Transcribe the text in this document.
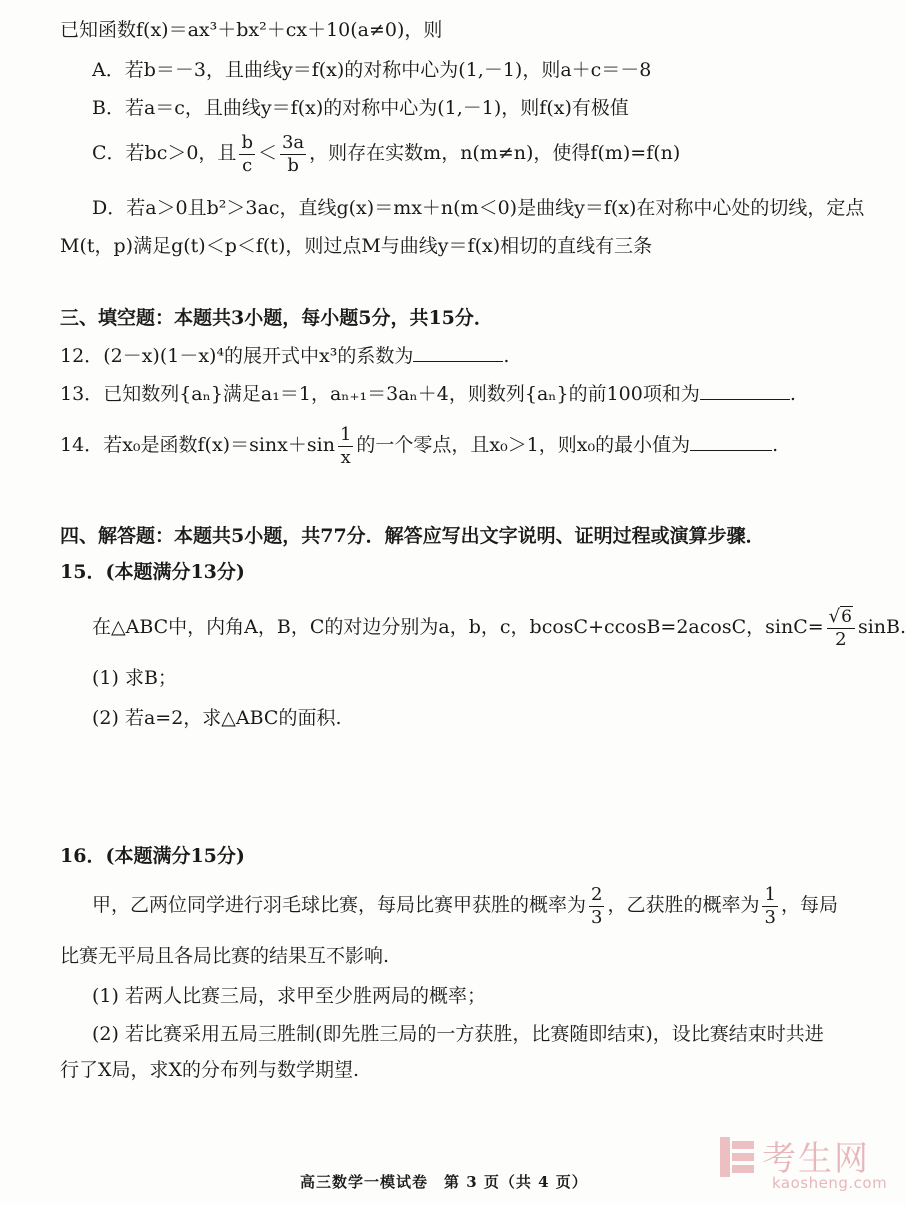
已知函数f(x)＝ax³＋bx²＋cx＋10(a≠0)，则
A．若b＝－3，且曲线y＝f(x)的对称中心为(1,－1)，则a＋c＝－8
B．若a＝c，且曲线y＝f(x)的对称中心为(1,－1)，则f(x)有极值
C．若bc＞0，且 $\frac{b}{c} < \frac{3a}{b}$ ，则存在实数m，n(m≠n)，使得f(m)=f(n)
D．若a＞0且b²＞3ac，直线g(x)＝mx＋n(m＜0)是曲线y＝f(x)在对称中心处的切线，定点
M(t，p)满足g(t)＜p＜f(t)，则过点M与曲线y＝f(x)相切的直线有三条
三、填空题：本题共3小题，每小题5分，共15分．
12．(2－x)(1－x)⁴的展开式中x³的系数为	.
13．已知数列{aₙ}满足a₁＝1，aₙ₊₁＝3aₙ＋4，则数列{aₙ}的前100项和为	.
14．若x₀是函数$f(x)=\sin x+\sin \frac{1}{x}$ 的一个零点，且x₀＞1，则x₀的最小值为	.
四、解答题：本题共5小题，共77分．解答应写出文字说明、证明过程或演算步骤．
15．(本题满分13分)
在△ABC中，内角A，B，C的对边分别为a，b，c，bcosC+ccosB=2acosC，$\sin C= \frac{√ 6}{2} \sin B$.
(1) 求B；
(2) 若a=2，求△ABC的面积.
16．(本题满分15分)
甲，乙两位同学进行羽毛球比赛，每局比赛甲获胜的概率为 $\frac{2}{3}$ ，乙获胜的概率为 $\frac{1}{3}$ ，每局
比赛无平局且各局比赛的结果互不影响.
(1) 若两人比赛三局，求甲至少胜两局的概率；
(2) 若比赛采用五局三胜制(即先胜三局的一方获胜，比赛随即结束)，设比赛结束时共进
行了X局，求X的分布列与数学期望.
考生网
kaosheng.com
高三数学一模试卷　第 3 页（共 4 页）
